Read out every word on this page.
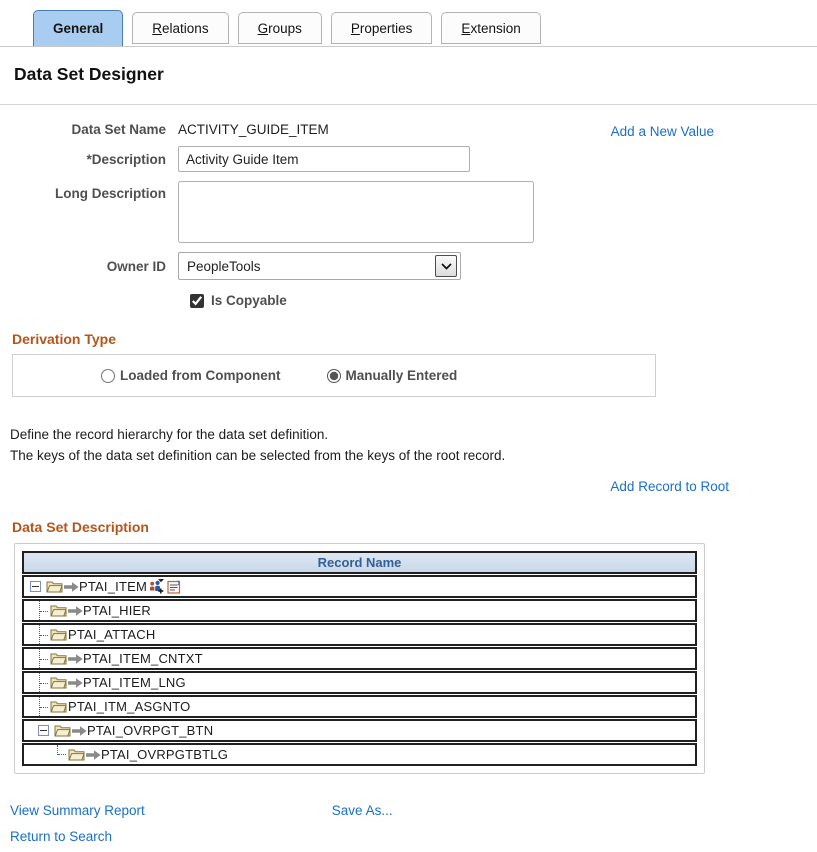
General	R elations	G roups	P roperties	E xtension
Data Set Designer
Add a New Value
Data Set Name ACTIVITY_GUIDE_ITEM
*Description
Activity Guide Item
Long Description
Owner ID	PeopleTools
Is Copyable
Derivation Type
Loaded from Component	Manually Entered
Define the record hierarchy for the data set definition.
The keys of the data set definition can be selected from the keys of the root record.
Add Record to Root
Data Set Description
Record Name
PTAI_ITEM	1
PTAI_HIER
PTAI_ATTACH
PTAI_ITEM_CNTXT
PTAI_ITEM_LNG
PTAI_ITM_ASGNTO
PTAI_OVRPGT_BTN
PTAI_OVRPGTBTLG
View Summary Report	Save As...
Return to Search
